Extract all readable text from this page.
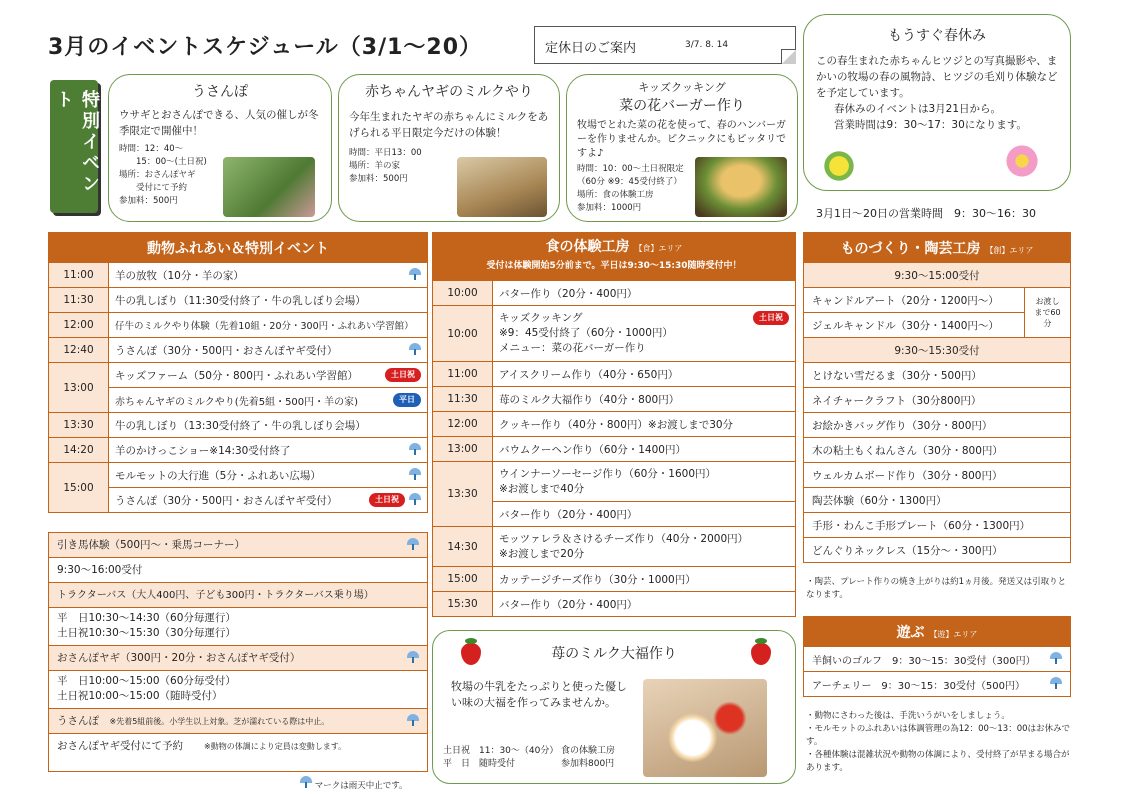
3月のイベントスケジュール（3/1〜20）	定休日のご案内	3/7. 8. 14
特別イベント	うさんぽ
ウサギとおさんぽできる、人気の催しが冬季限定で開催中！
時間：12：40〜
　　15：00〜(土日祝)
場所：おさんぽヤギ
　　受付にて予約
参加料：500円
赤ちゃんヤギのミルクやり
今年生まれたヤギの赤ちゃんにミルクをあげられる平日限定今だけの体験！
時間：平日13：00
場所：羊の家
参加料：500円
キッズクッキング
菜の花バーガー作り
牧場でとれた菜の花を使って、春のハンバーガーを作りませんか。ピクニックにもピッタリですよ♪
時間：10：00〜土日祝限定
（60分 ※9：45受付終了）
場所：食の体験工房
参加料：1000円
もうすぐ春休み
この春生まれた赤ちゃんヒツジとの写真撮影や、まかいの牧場の春の風物詩、ヒツジの毛刈り体験などを予定しています。
春休みのイベントは3月21日から。
営業時間は9：30〜17：30になります。
3月1日〜20日の営業時間　9：30〜16：30
動物ふれあい＆特別イベント
11:00	羊の放牧（10分・羊の家）

11:30	牛の乳しぼり（11:30受付終了・牛の乳しぼり会場）
12:00	仔牛のミルクやり体験（先着10組・20分・300円・ふれあい学習館）
12:40	うさんぽ（30分・500円・おさんぽヤギ受付）

13:00	キッズファーム（50分・800円・ふれあい学習館） 土日祝

	赤ちゃんヤギのミルクやり(先着5組・500円・羊の家) 平日

13:30	牛の乳しぼり（13:30受付終了・牛の乳しぼり会場）
14:20	羊のかけっこショー※14:30受付終了

15:00	モルモットの大行進（5分・ふれあい広場）

	うさんぽ（30分・500円・おさんぽヤギ受付） 土日祝
引き馬体験（500円〜・乗馬コーナー）
9:30〜16:00受付
トラクターバス（大人400円、子ども300円・トラクターバス乗り場）
平　日10:30〜14:30（60分毎運行）
土日祝10:30〜15:30（30分毎運行）
おさんぽヤギ（300円・20分・おさんぽヤギ受付）
平　日10:00〜15:00（60分毎受付）
土日祝10:00〜15:00（随時受付）
うさんぽ　 ※先着5組前後。小学生以上対象。芝が濡れている際は中止。
おさんぽヤギ受付にて予約　　	※動物の体調により定員は変動します。
マークは雨天中止です。
食の体験工房 【食】エリア
受付は体験開始5分前まで。平日は9:30〜15:30随時受付中！
10:00	バター作り（20分・400円）
10:00	土日祝
キッズクッキング
※9：45受付終了（60分・1000円）
メニュー：菜の花バーガー作り

11:00	アイスクリーム作り（40分・650円）
11:30	苺のミルク大福作り（40分・800円）
12:00	クッキー作り（40分・800円）※お渡しまで30分
13:00	バウムクーヘン作り（60分・1400円）
13:30	ウインナーソーセージ作り（60分・1600円）
※お渡しまで40分

	バター作り（20分・400円）
14:30	モッツァレラ＆さけるチーズ作り（40分・2000円）
※お渡しまで20分

15:00	カッテージチーズ作り（30分・1000円）
15:30	バター作り（20分・400円）
苺のミルク大福作り
牧場の牛乳をたっぷりと使った優しい味の大福を作ってみませんか。
土日祝　11：30〜（40分）
平　日　随時受付
食の体験工房
参加料800円
ものづくり・陶芸工房 【創】エリア
9:30〜15:00受付
キャンドルアート（20分・1200円〜）	お渡しまで60分
ジェルキャンドル（30分・1400円〜）
9:30〜15:30受付
とけない雪だるま（30分・500円）
ネイチャークラフト（30分800円）
お絵かきバッグ作り（30分・800円）
木の粘土もくねんさん（30分・800円）
ウェルカムボード作り（30分・800円）
陶芸体験（60分・1300円）
手形・わんこ手形プレート（60分・1300円）
どんぐりネックレス（15分〜・300円）
・陶芸、プレート作りの焼き上がりは約1ヵ月後。発送又は引取りとなります。
遊ぶ 【遊】エリア
羊飼いのゴルフ　9：30〜15：30受付（300円）

アーチェリー　9：30〜15：30受付（500円）
・動物にさわった後は、手洗いうがいをしましょう。
・モルモットのふれあいは体調管理の為12：00〜13：00はお休みです。
・各種体験は混雑状況や動物の体調により、受付終了が早まる場合があります。
